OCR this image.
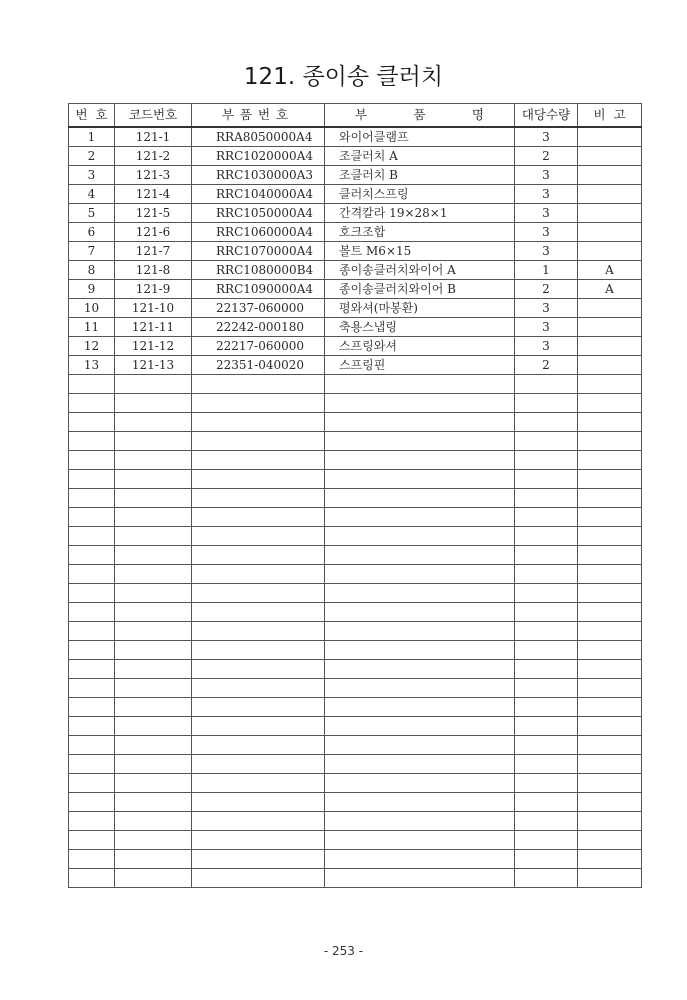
121. 종이송 클러치
번  호	코드번호	부품번호	부 품 명	대당수량	비  고
1	121-1	RRA8050000A4	와이어클램프	3	
2	121-2	RRC1020000A4	조클러치 A	2	
3	121-3	RRC1030000A3	조클러치 B	3	
4	121-4	RRC1040000A4	클러치스프링	3	
5	121-5	RRC1050000A4	간격칼라 19×28×1	3	
6	121-6	RRC1060000A4	호크조합	3	
7	121-7	RRC1070000A4	볼트 M6×15	3	
8	121-8	RRC1080000B4	종이송클러치와이어 A	1	A
9	121-9	RRC1090000A4	종이송클러치와이어 B	2	A
10	121-10	22137-060000	평와셔(마봉환)	3	
11	121-11	22242-000180	축용스냅링	3	
12	121-12	22217-060000	스프링와셔	3	
13	121-13	22351-040020	스프링핀	2	

- 253 -
